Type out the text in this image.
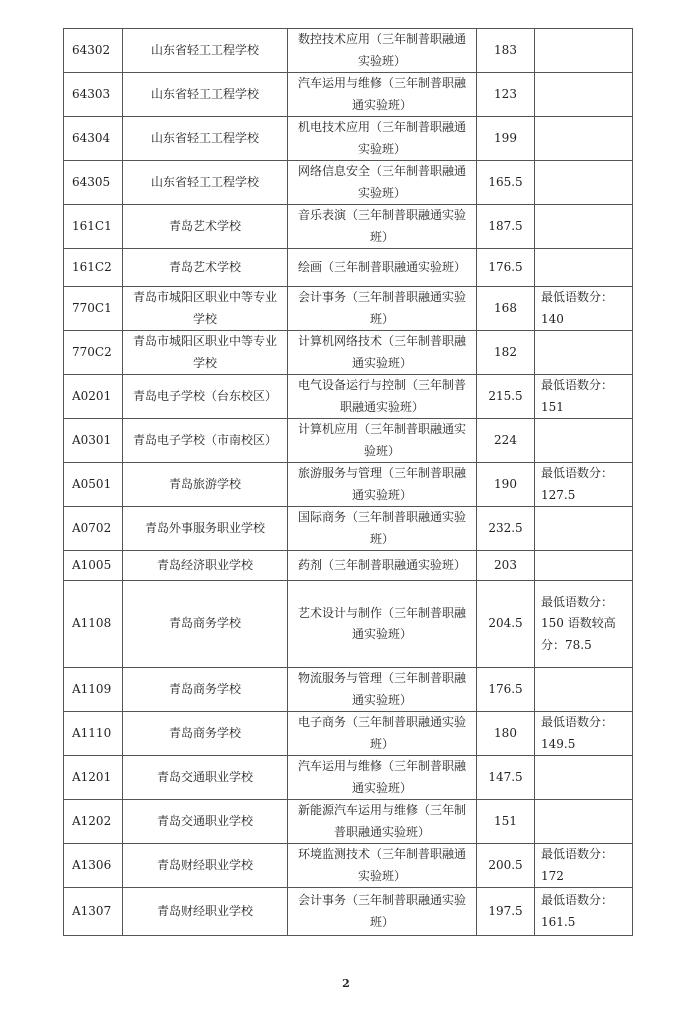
64302	山东省轻工工程学校	数控技术应用（三年制普职融通实验班）	183	
64303	山东省轻工工程学校	汽车运用与维修（三年制普职融通实验班）	123	
64304	山东省轻工工程学校	机电技术应用（三年制普职融通实验班）	199	
64305	山东省轻工工程学校	网络信息安全（三年制普职融通实验班）	165.5	
161C1	青岛艺术学校	音乐表演（三年制普职融通实验班）	187.5	
161C2	青岛艺术学校	绘画（三年制普职融通实验班）	176.5	
770C1	青岛市城阳区职业中等专业学校	会计事务（三年制普职融通实验班）	168	最低语数分：140
770C2	青岛市城阳区职业中等专业学校	计算机网络技术（三年制普职融通实验班）	182	
A0201	青岛电子学校（台东校区）	电气设备运行与控制（三年制普职融通实验班）	215.5	最低语数分：151
A0301	青岛电子学校（市南校区）	计算机应用（三年制普职融通实验班）	224	
A0501	青岛旅游学校	旅游服务与管理（三年制普职融通实验班）	190	最低语数分：127.5
A0702	青岛外事服务职业学校	国际商务（三年制普职融通实验班）	232.5	
A1005	青岛经济职业学校	药剂（三年制普职融通实验班）	203	
A1108	青岛商务学校	艺术设计与制作（三年制普职融通实验班）	204.5	最低语数分：150 语数较高分：78.5
A1109	青岛商务学校	物流服务与管理（三年制普职融通实验班）	176.5	
A1110	青岛商务学校	电子商务（三年制普职融通实验班）	180	最低语数分：149.5
A1201	青岛交通职业学校	汽车运用与维修（三年制普职融通实验班）	147.5	
A1202	青岛交通职业学校	新能源汽车运用与维修（三年制普职融通实验班）	151	
A1306	青岛财经职业学校	环境监测技术（三年制普职融通实验班）	200.5	最低语数分：172
A1307	青岛财经职业学校	会计事务（三年制普职融通实验班）	197.5	最低语数分：161.5
2
